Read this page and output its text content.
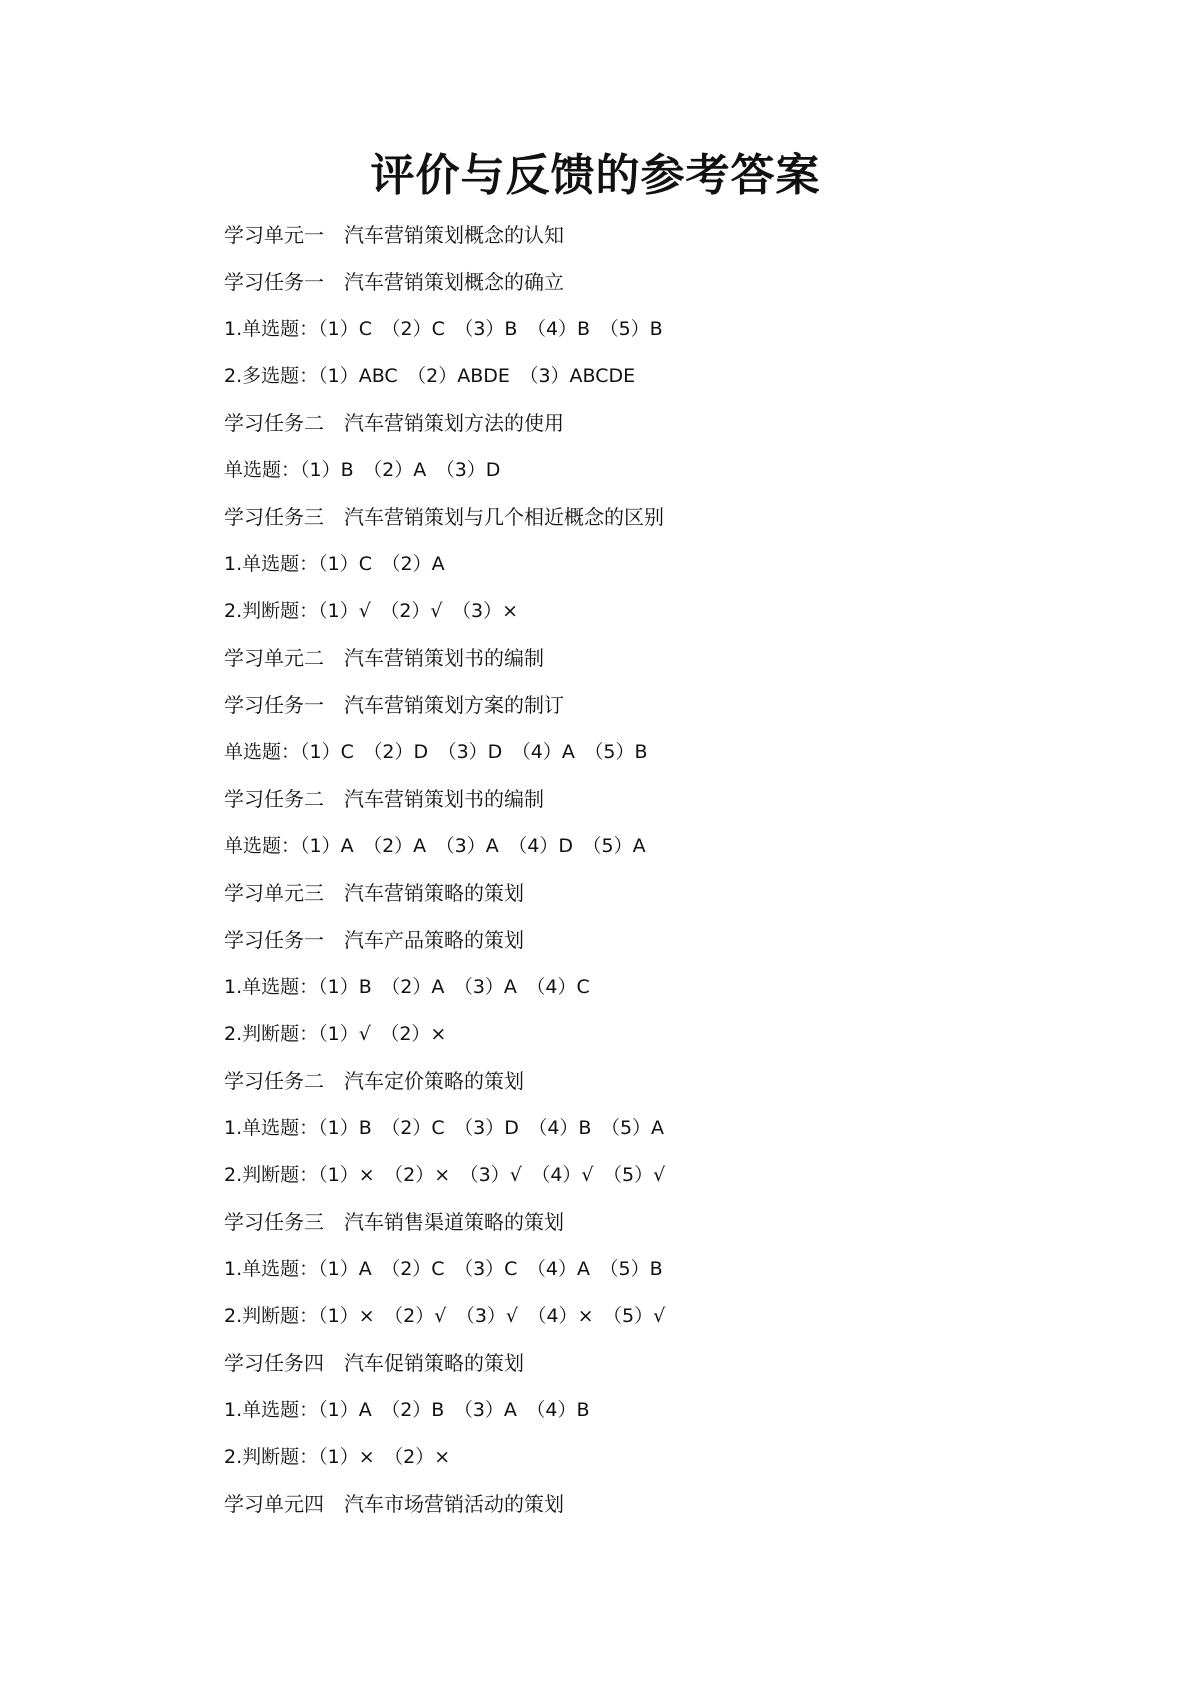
评价与反馈的参考答案
学习单元一　汽车营销策划概念的认知
学习任务一　汽车营销策划概念的确立
1.单选题：（1）C　（2）C　（3）B　（4）B　（5）B
2.多选题：（1）ABC　（2）ABDE　（3）ABCDE
学习任务二　汽车营销策划方法的使用
单选题：（1）B　（2）A　（3）D
学习任务三　汽车营销策划与几个相近概念的区别
1.单选题：（1）C　（2）A
2.判断题：（1）√　（2）√　（3）×
学习单元二　汽车营销策划书的编制
学习任务一　汽车营销策划方案的制订
单选题：（1）C　（2）D　（3）D　（4）A　（5）B
学习任务二　汽车营销策划书的编制
单选题：（1）A　（2）A　（3）A　（4）D　（5）A
学习单元三　汽车营销策略的策划
学习任务一　汽车产品策略的策划
1.单选题：（1）B　（2）A　（3）A　（4）C
2.判断题：（1）√　（2）×
学习任务二　汽车定价策略的策划
1.单选题：（1）B　（2）C　（3）D　（4）B　（5）A
2.判断题：（1）×　（2）×　（3）√　（4）√　（5）√
学习任务三　汽车销售渠道策略的策划
1.单选题：（1）A　（2）C　（3）C　（4）A　（5）B
2.判断题：（1）×　（2）√　（3）√　（4）×　（5）√
学习任务四　汽车促销策略的策划
1.单选题：（1）A　（2）B　（3）A　（4）B
2.判断题：（1）×　（2）×
学习单元四　汽车市场营销活动的策划
